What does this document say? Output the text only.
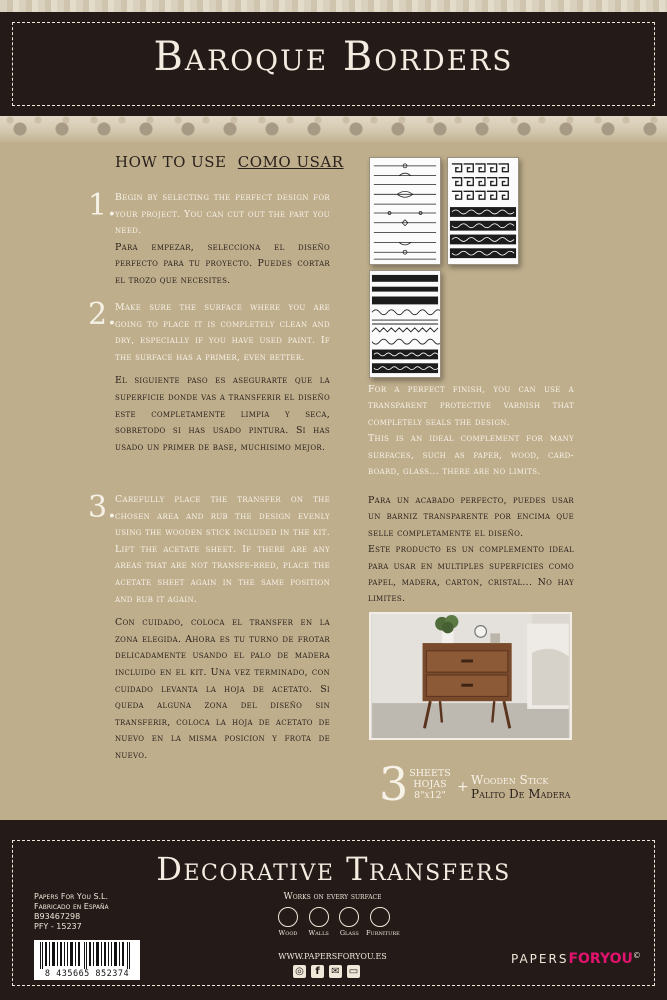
Baroque Borders
HOW TO USE COMO USAR
1.

Begin by selecting the perfect design for your project. You can cut out the part you need.

Para empezar, selecciona el diseño perfecto para tu proyecto. Puedes cortar el trozo que necesites.

2.

Make sure the surface where you are going to place it is completely clean and dry, especially if you have used paint. If the surface has a primer, even better.

El siguiente paso es asegurarte que la superficie donde vas a transferir el diseño este completamente limpia y seca, sobretodo si has usado pintura. Si has usado un primer de base, muchisimo mejor.

3.

Carefully place the transfer on the chosen area and rub the design evenly using the wooden stick included in the kit. Lift the acetate sheet. If there are any areas that are not transfe-rred, place the acetate sheet again in the same position and rub it again.

Con cuidado, coloca el transfer en la zona elegida. Ahora es tu turno de frotar delicadamente usando el palo de madera incluido en el kit. Una vez terminado, con cuidado levanta la hoja de acetato. Si queda alguna zona del diseño sin transferir, coloca la hoja de acetato de nuevo en la misma posicion y frota de nuevo.

For a perfect finish, you can use a transparent protective varnish that completely seals the design.

This is an ideal complement for many surfaces, such as paper, wood, card-board, glass... there are no limits.

Para un acabado perfecto, puedes usar un barniz transparente por encima que selle completamente el diseño.

Este producto es un complemento ideal para usar en multiples superficies como papel, madera, carton, cristal... No hay limites.

3 SHEETS
HOJAS
8"x12"
+ Wooden Stick
Palito De Madera
Decorative Transfers
Papers For You S.L.
Fabricado en España
B93467298
PFY - 15237
8 435665 852374
Works on every surface
Wood	Walls	Glass	Furniture
WWW.PAPERSFORYOU.ES
◎	f	✉ ▭
PAPERSFORYOU©
